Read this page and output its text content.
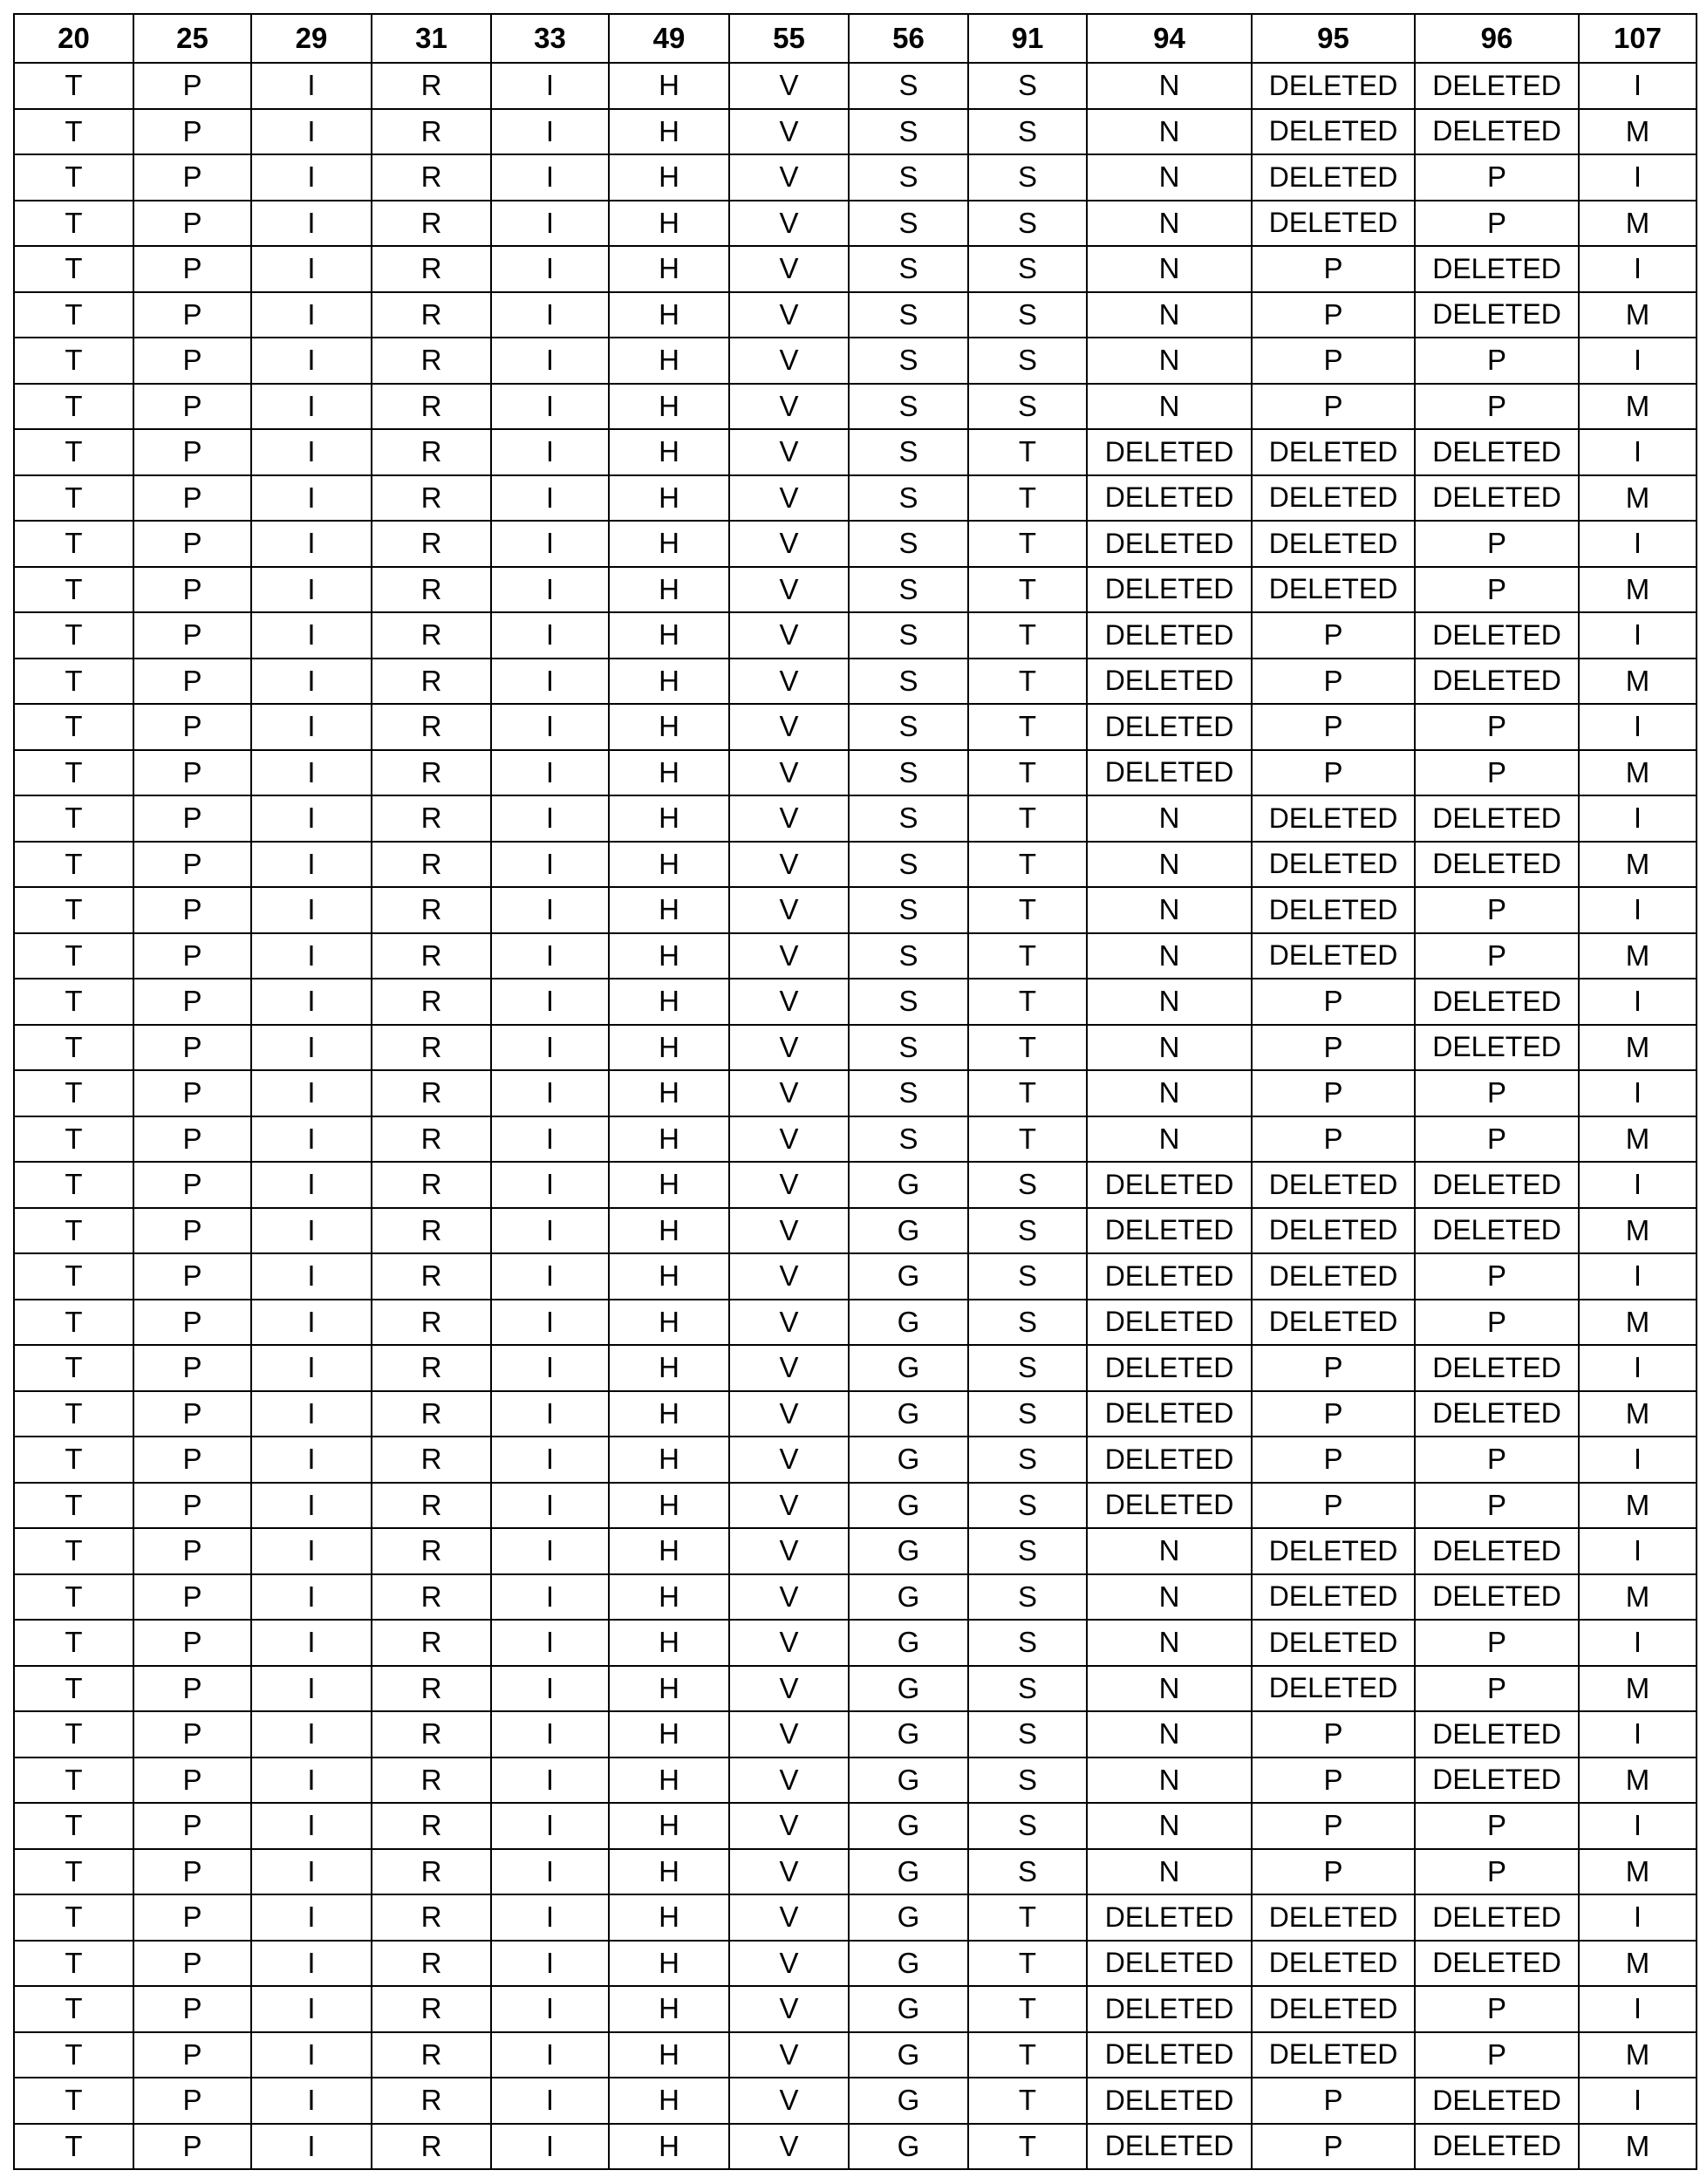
20	25	29	31	33	49	55	56	91	94	95	96	107
T	P	I	R	I	H	V	S	S	N	DELETED	DELETED	I
T	P	I	R	I	H	V	S	S	N	DELETED	DELETED	M
T	P	I	R	I	H	V	S	S	N	DELETED	P	I
T	P	I	R	I	H	V	S	S	N	DELETED	P	M
T	P	I	R	I	H	V	S	S	N	P	DELETED	I
T	P	I	R	I	H	V	S	S	N	P	DELETED	M
T	P	I	R	I	H	V	S	S	N	P	P	I
T	P	I	R	I	H	V	S	S	N	P	P	M
T	P	I	R	I	H	V	S	T	DELETED	DELETED	DELETED	I
T	P	I	R	I	H	V	S	T	DELETED	DELETED	DELETED	M
T	P	I	R	I	H	V	S	T	DELETED	DELETED	P	I
T	P	I	R	I	H	V	S	T	DELETED	DELETED	P	M
T	P	I	R	I	H	V	S	T	DELETED	P	DELETED	I
T	P	I	R	I	H	V	S	T	DELETED	P	DELETED	M
T	P	I	R	I	H	V	S	T	DELETED	P	P	I
T	P	I	R	I	H	V	S	T	DELETED	P	P	M
T	P	I	R	I	H	V	S	T	N	DELETED	DELETED	I
T	P	I	R	I	H	V	S	T	N	DELETED	DELETED	M
T	P	I	R	I	H	V	S	T	N	DELETED	P	I
T	P	I	R	I	H	V	S	T	N	DELETED	P	M
T	P	I	R	I	H	V	S	T	N	P	DELETED	I
T	P	I	R	I	H	V	S	T	N	P	DELETED	M
T	P	I	R	I	H	V	S	T	N	P	P	I
T	P	I	R	I	H	V	S	T	N	P	P	M
T	P	I	R	I	H	V	G	S	DELETED	DELETED	DELETED	I
T	P	I	R	I	H	V	G	S	DELETED	DELETED	DELETED	M
T	P	I	R	I	H	V	G	S	DELETED	DELETED	P	I
T	P	I	R	I	H	V	G	S	DELETED	DELETED	P	M
T	P	I	R	I	H	V	G	S	DELETED	P	DELETED	I
T	P	I	R	I	H	V	G	S	DELETED	P	DELETED	M
T	P	I	R	I	H	V	G	S	DELETED	P	P	I
T	P	I	R	I	H	V	G	S	DELETED	P	P	M
T	P	I	R	I	H	V	G	S	N	DELETED	DELETED	I
T	P	I	R	I	H	V	G	S	N	DELETED	DELETED	M
T	P	I	R	I	H	V	G	S	N	DELETED	P	I
T	P	I	R	I	H	V	G	S	N	DELETED	P	M
T	P	I	R	I	H	V	G	S	N	P	DELETED	I
T	P	I	R	I	H	V	G	S	N	P	DELETED	M
T	P	I	R	I	H	V	G	S	N	P	P	I
T	P	I	R	I	H	V	G	S	N	P	P	M
T	P	I	R	I	H	V	G	T	DELETED	DELETED	DELETED	I
T	P	I	R	I	H	V	G	T	DELETED	DELETED	DELETED	M
T	P	I	R	I	H	V	G	T	DELETED	DELETED	P	I
T	P	I	R	I	H	V	G	T	DELETED	DELETED	P	M
T	P	I	R	I	H	V	G	T	DELETED	P	DELETED	I
T	P	I	R	I	H	V	G	T	DELETED	P	DELETED	M
